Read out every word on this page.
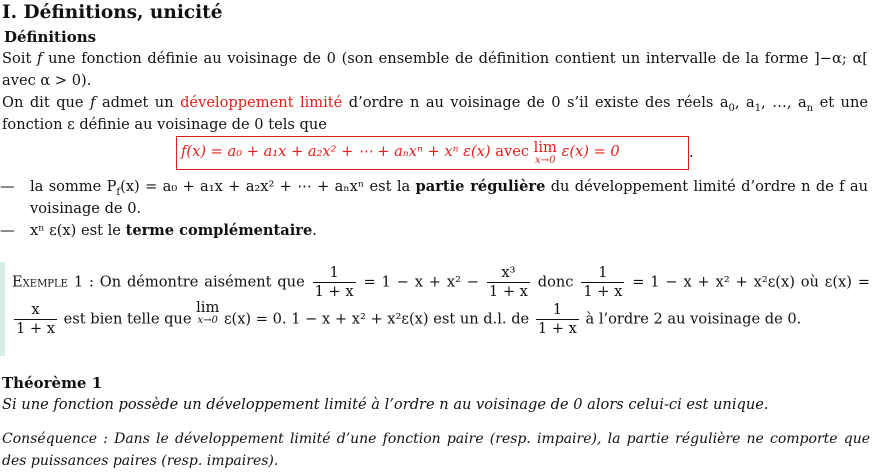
I. Définitions, unicité
Définitions
Soit f une fonction définie au voisinage de 0 (son ensemble de définition contient un intervalle de la forme ]−α; α[ avec α > 0).
On dit que f admet un développement limité d’ordre n au voisinage de 0 s’il existe des réels $a_0$, $a_1$, …, $a_n$ et une fonction ε définie au voisinage de 0 tels que
f(x) = a₀ + a₁x + a₂x² + ⋯ + aₙxⁿ + xⁿ ε(x) avec lim
x→0
ε(x) = 0	.
— la somme $P_f(x) = a_0 + a_1x + a_2x^2$ + ⋯ + aₙxⁿ est la partie régulière du développement limité d’ordre n de f au voisinage de 0.
— xⁿ ε(x) est le terme complémentaire.
Exemple 1 : On démontre aisément que $\frac{1}{1 + x} = 1 - x + x^2 - \frac{\text{x³}}{1 + x}$ donc $\frac{1}{1 + x} = 1 - x + x^2 + x^2\varepsilon(x)$ où ε(x) =
$\frac{x}{1 + x}$ est bien telle que
lim
x→0 ε(x) = 0. 1 − x + x² + x²ε(x) est un d.l. de $\frac{1}{1 + x}$ à l’ordre 2 au voisinage de 0.
Théorème 1
Si une fonction possède un développement limité à l’ordre n au voisinage de 0 alors celui-ci est unique.
Conséquence : Dans le développement limité d’une fonction paire (resp. impaire), la partie régulière ne comporte que des puissances paires (resp. impaires).
